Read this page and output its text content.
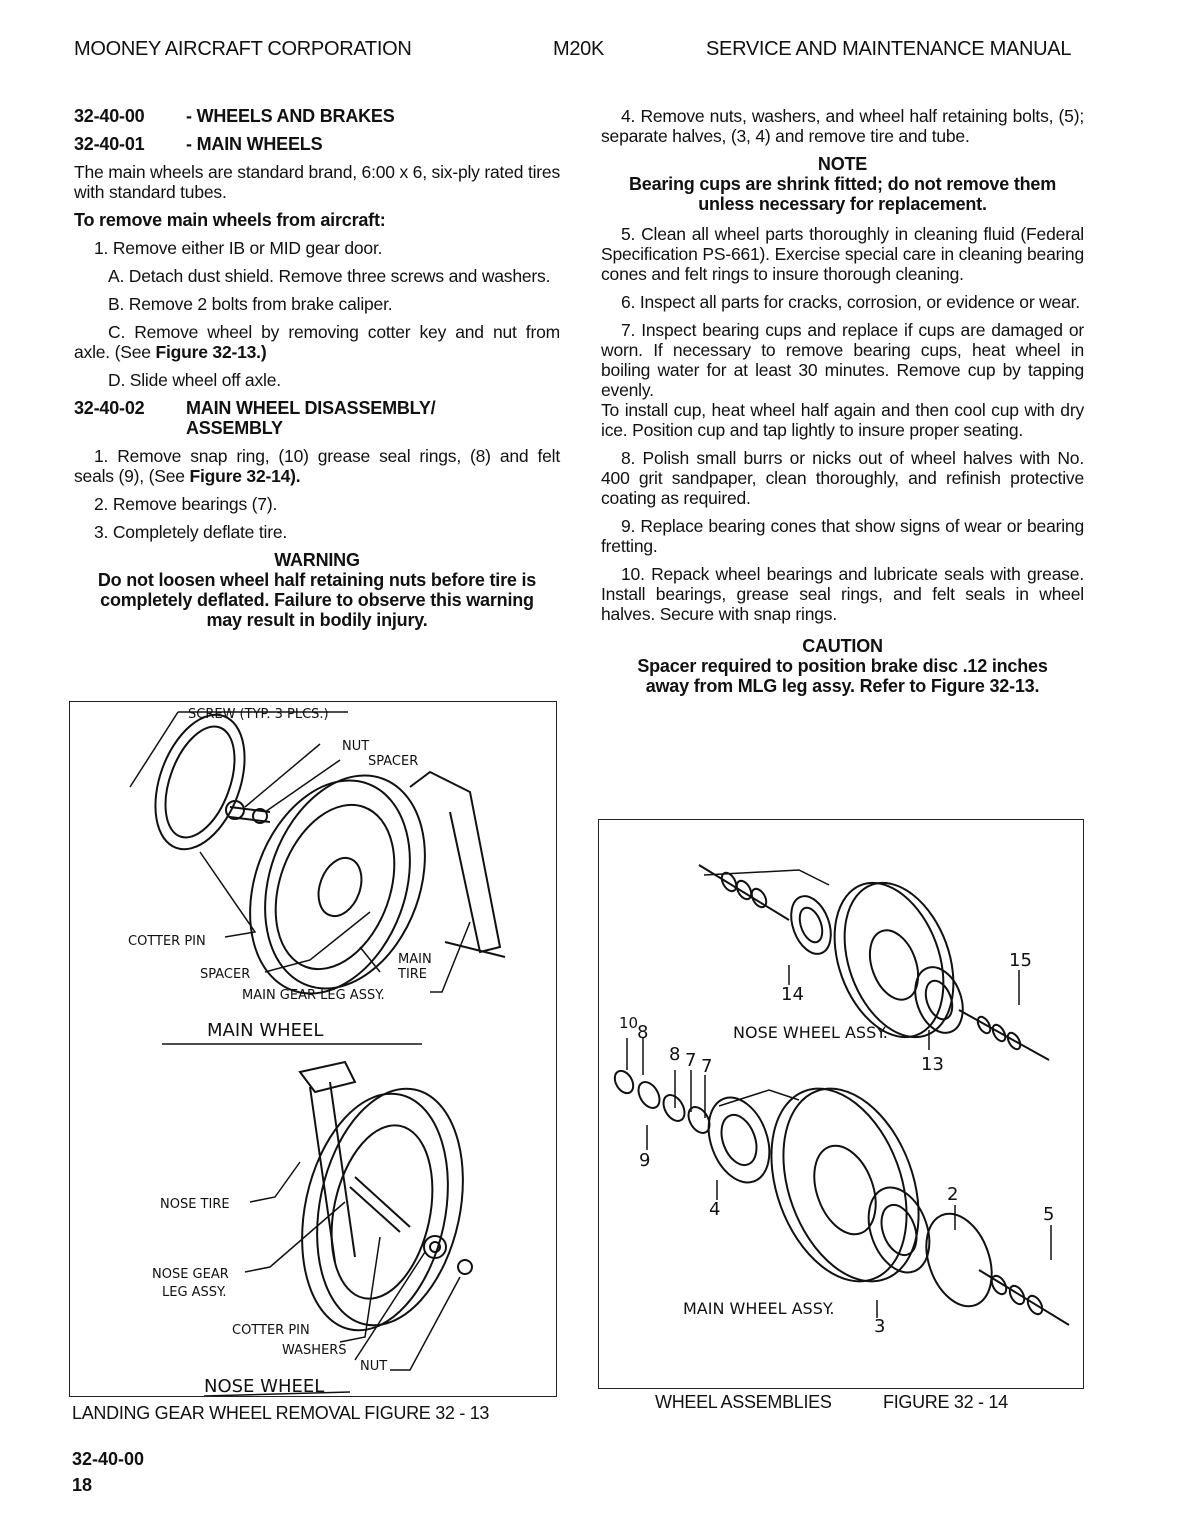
MOONEY AIRCRAFT CORPORATION	M20K	SERVICE AND MAINTENANCE MANUAL
32-40-00	- WHEELS AND BRAKES
32-40-01	- MAIN WHEELS

The main wheels are standard brand, 6:00 x 6, six-ply rated tires with standard tubes.

To remove main wheels from aircraft:

1. Remove either IB or MID gear door.

A. Detach dust shield. Remove three screws and washers.

B. Remove 2 bolts from brake caliper.

C. Remove wheel by removing cotter key and nut from axle. (See Figure 32-13.)

D. Slide wheel off axle.

32-40-02	MAIN WHEEL DISASSEMBLY/ ASSEMBLY

1. Remove snap ring, (10) grease seal rings, (8) and felt seals (9), (See Figure 32-14).

2. Remove bearings (7).

3. Completely deflate tire.

WARNING
Do not loosen wheel half retaining nuts before tire is completely deflated. Failure to observe this warning may result in bodily injury.

4. Remove nuts, washers, and wheel half retaining bolts, (5); separate halves, (3, 4) and remove tire and tube.

NOTE
Bearing cups are shrink fitted; do not remove them unless necessary for replacement.

5. Clean all wheel parts thoroughly in cleaning fluid (Federal Specification PS-661). Exercise special care in cleaning bearing cones and felt rings to insure thorough cleaning.

6. Inspect all parts for cracks, corrosion, or evidence or wear.

7. Inspect bearing cups and replace if cups are damaged or worn. If necessary to remove bearing cups, heat wheel in boiling water for at least 30 minutes. Remove cup by tapping evenly.

To install cup, heat wheel half again and then cool cup with dry ice. Position cup and tap lightly to insure proper seating.

8. Polish small burrs or nicks out of wheel halves with No. 400 grit sandpaper, clean thoroughly, and refinish protective coating as required.

9. Replace bearing cones that show signs of wear or bearing fretting.

10. Repack wheel bearings and lubricate seals with grease. Install bearings, grease seal rings, and felt seals in wheel halves. Secure with snap rings.

CAUTION
Spacer required to position brake disc .12 inches away from MLG leg assy. Refer to Figure 32-13.
SCREW (TYP. 3 PLCS.)
NUT
SPACER
COTTER PIN
SPACER
MAIN
TIRE
MAIN GEAR LEG ASSY.
MAIN WHEEL
NOSE TIRE
NOSE GEAR
LEG ASSY.
COTTER PIN
WASHERS
NUT
NOSE WHEEL
LANDING GEAR WHEEL REMOVAL FIGURE 32 - 13
15
14
13
10
8
8 7 7
9
4
2
5
3
NOSE WHEEL ASSY.
MAIN WHEEL ASSY.
WHEEL ASSEMBLIES	FIGURE 32 - 14
32-40-00
18
